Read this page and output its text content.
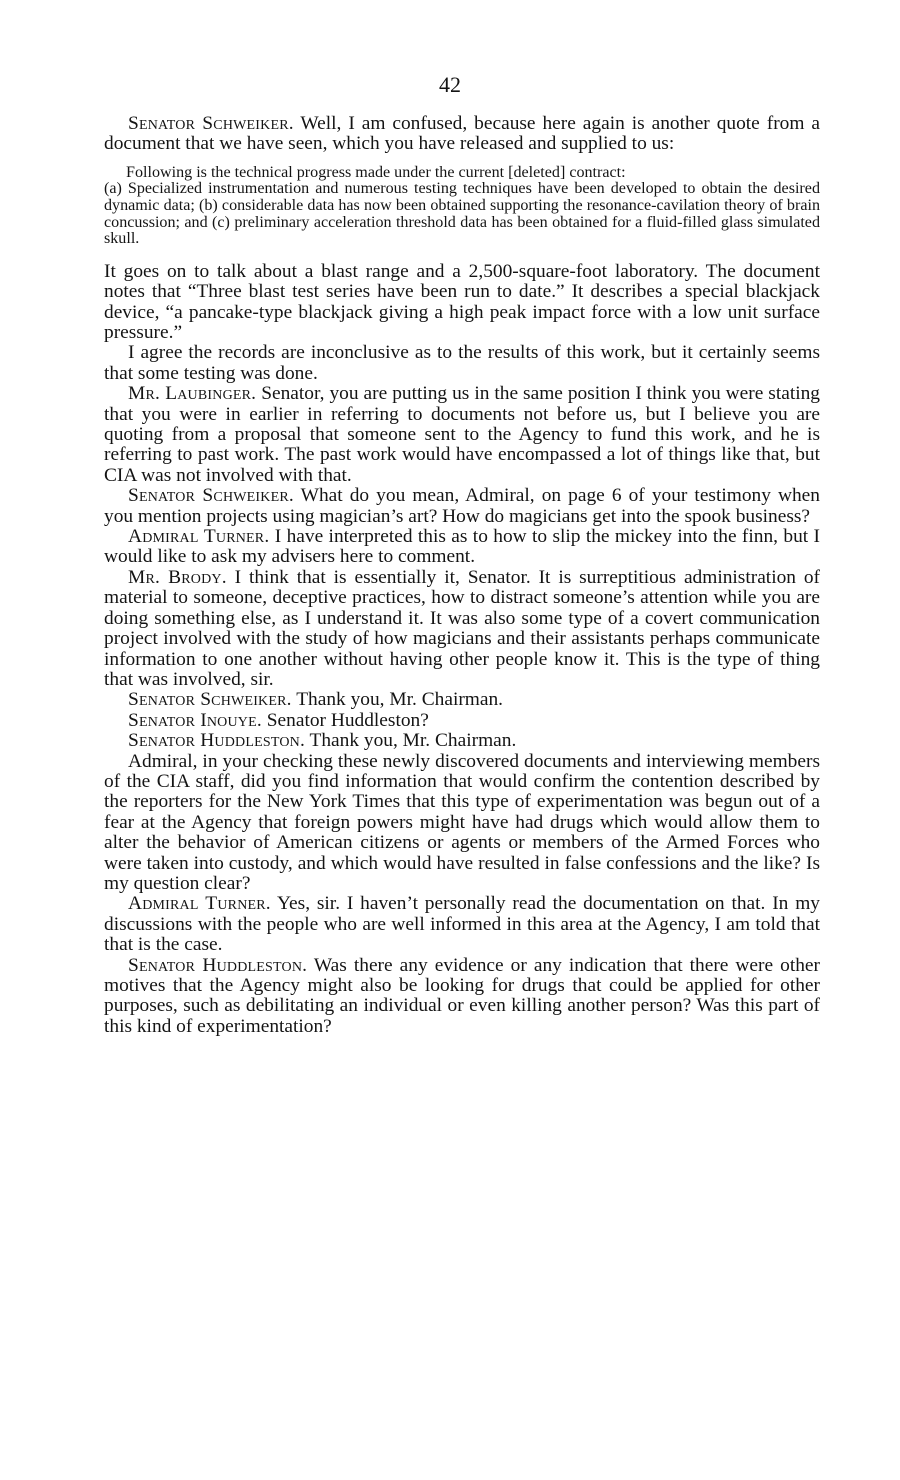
42

Senator Schweiker. Well, I am confused, because here again is another quote from a document that we have seen, which you have released and supplied to us:

Following is the technical progress made under the current [deleted] contract:
(a) Specialized instrumentation and numerous testing techniques have been developed to obtain the desired dynamic data; (b) considerable data has now been obtained supporting the resonance-cavilation theory of brain concussion; and (c) preliminary acceleration threshold data has been obtained for a fluid-filled glass simulated skull.

It goes on to talk about a blast range and a 2,500-square-foot laboratory. The document notes that “Three blast test series have been run to date.” It describes a special blackjack device, “a pancake-type blackjack giving a high peak impact force with a low unit surface pressure.”

I agree the records are inconclusive as to the results of this work, but it certainly seems that some testing was done.

Mr. Laubinger. Senator, you are putting us in the same position I think you were stating that you were in earlier in referring to documents not before us, but I believe you are quoting from a proposal that someone sent to the Agency to fund this work, and he is referring to past work. The past work would have encompassed a lot of things like that, but CIA was not involved with that.

Senator Schweiker. What do you mean, Admiral, on page 6 of your testimony when you mention projects using magician’s art? How do magicians get into the spook business?

Admiral Turner. I have interpreted this as to how to slip the mickey into the finn, but I would like to ask my advisers here to comment.

Mr. Brody. I think that is essentially it, Senator. It is surreptitious administration of material to someone, deceptive practices, how to distract someone’s attention while you are doing something else, as I understand it. It was also some type of a covert communication project involved with the study of how magicians and their assistants perhaps communicate information to one another without having other people know it. This is the type of thing that was involved, sir.

Senator Schweiker. Thank you, Mr. Chairman.

Senator Inouye. Senator Huddleston?

Senator Huddleston. Thank you, Mr. Chairman.

Admiral, in your checking these newly discovered documents and interviewing members of the CIA staff, did you find information that would confirm the contention described by the reporters for the New York Times that this type of experimentation was begun out of a fear at the Agency that foreign powers might have had drugs which would allow them to alter the behavior of American citizens or agents or members of the Armed Forces who were taken into custody, and which would have resulted in false confessions and the like? Is my question clear?

Admiral Turner. Yes, sir. I haven’t personally read the documentation on that. In my discussions with the people who are well informed in this area at the Agency, I am told that that is the case.

Senator Huddleston. Was there any evidence or any indication that there were other motives that the Agency might also be looking for drugs that could be applied for other purposes, such as debilitating an individual or even killing another person? Was this part of this kind of experimentation?
